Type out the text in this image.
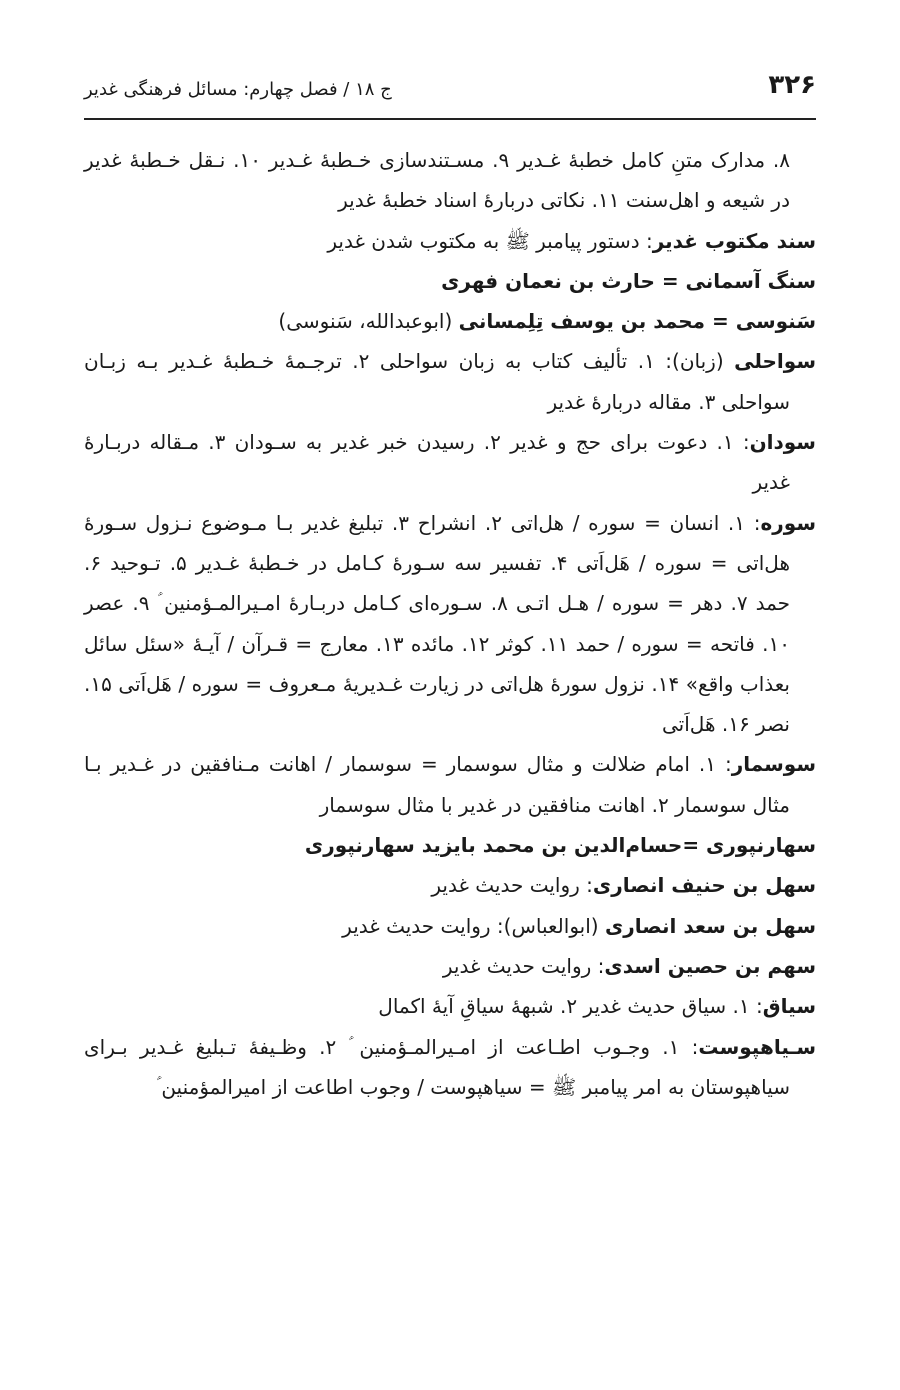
۳۲۶
ج ۱۸ / فصل چهارم: مسائل فرهنگی غدیر
۸. مدارک متنِ کامل خطبۀ غـدیر ۹. مسـتندسازی خـطبۀ غـدیر ۱۰. نـقل خـطبۀ غدیر در شیعه و اهل‌سنت ۱۱. نکاتی دربارۀ اسناد خطبۀ غدیر
سند مکتوب غدیر: دستور پیامبر ﷺ به مکتوب شدن غدیر
سنگ آسمانی = حارث بن نعمان فهری
سَنوسی = محمد بن یوسف تِلِمسانی (ابوعبدالله، سَنوسی)
سواحلی (زبان): ۱. تألیف کتاب به زبان سواحلی ۲. ترجـمۀ خـطبۀ غـدیر بـه زبـان سواحلی ۳. مقاله دربارۀ غدیر
سودان: ۱. دعوت برای حج و غدیر ۲. رسیدن خبر غدیر به سـودان ۳. مـقاله دربـارۀ غدیر
سوره: ۱. انسان = سوره / هل‌اتی ۲. انشراح ۳. تبلیغ غدیر بـا مـوضوع نـزول سـورۀ هل‌اتی = سوره / هَل‌اَتی ۴. تفسیر سه سـورۀ کـامل در خـطبۀ غـدیر ۵. تـوحید ۶. حمد ۷. دهر = سوره / هـل اتـی ۸. سـوره‌ای کـامل دربـارۀ امـیرالمـؤمنین ؑ ۹. عصر ۱۰. فاتحه = سوره / حمد ۱۱. کوثر ۱۲. مائده ۱۳. معارج = قـرآن / آیـۀ «سئل سائل بعذاب واقع» ۱۴. نزول سورۀ هل‌اتی در زیارت غـدیریۀ مـعروف = سوره / هَل‌اَتی ۱۵. نصر ۱۶. هَل‌اَتی
سوسمار: ۱. امام ضلالت و مثال سوسمار = سوسمار / اهانت مـنافقین در غـدیر بـا مثال سوسمار ۲. اهانت منافقین در غدیر با مثال سوسمار
سهارنپوری =حسام‌الدین بن محمد بایزید سهارنپوری
سهل بن حنیف انصاری: روایت حدیث غدیر
سهل بن سعد انصاری (ابوالعباس): روایت حدیث غدیر
سهم بن حصین اسدی: روایت حدیث غدیر
سیاق: ۱. سیاق حدیث غدیر ۲. شبهۀ سیاقِ آیۀ اکمال
سـیاهپوست: ۱. وجـوب اطـاعت از امـیرالمـؤمنین ؑ ۲. وظـیفۀ تـبلیغ غـدیر بـرای سیاهپوستان به امر پیامبر ﷺ = سیاهپوست / وجوب اطاعت از امیرالمؤمنین ؑ
